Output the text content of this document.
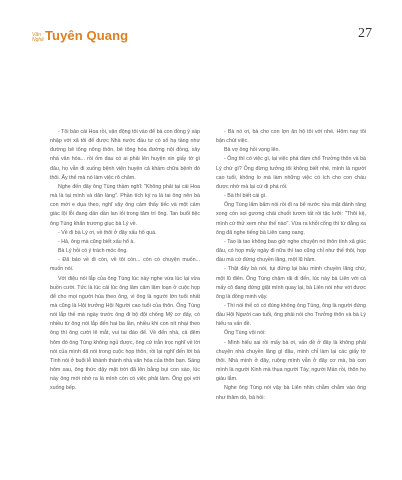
Văn
Nghệ Tuyên Quang	27

- Tôi bảo cái Hoa rồi, vận động tôi vào để bà con đồng ý sáp nhập với xã tôi để được Nhà nước đầu tư có số hạ tầng như đường bê tông nông thôn, bê tông hóa đường nội đồng, xây nhà văn hóa... rồi ốm đau có ai phải lên huyện xin giấy tờ gì đâu, họ vẫn đi xuống bệnh viện huyện cả khám chữa bệnh đó thôi. Ấy thế mà nó làm việc rõ chăm.

Nghe đến đây ông Tùng thầm nghĩ: "Không phải tại cái Hoa mà là tại mình và dân làng". Phần tích ký ra là tai ông nên bà con mới e dụa theo, nghĩ vậy ông cảm thấy tiếc và một cảm giác lội lỗi đang dần dần lan lỏi trong tâm trí ông. Tan buổi tiệc ông Tùng khẩn trương giục bà Lý về.

- Về đi bà Lý ơi, về thôi ở đây xấu hổ quá.

- Hả, ông mà cũng biết xấu hổ à.

Bà Lý hỏi có ý trách móc ông.

- Đã bảo về đi còn, về tôi còn... còn có chuyện muốn... muốn nói.

Với điệu nói lắp của ông Tùng lúc này nghe vừa lúc lại vừa buồn cười. Tức là lúc cái lúc ông lâm cảm lâm loạn ở cuộc họp để cho mọi người hùa theo ông, vì ông là người lớn tuổi nhất mà cũng là Hội trưởng Hội Người cao tuổi của thôn. Ông Tùng nói lắp thế mà ngày trước ông đi bộ đội chống Mỹ cơ đấy, có nhiều từ ông nói lắp đến hai ba lần, nhiều khi con nít nhại theo ông thì ông cười lẽ mắt, vui tai đáo để. Về đến nhà, cả đêm hôm đó ông Tùng không ngủ được, ông cứ trằn trọc nghĩ về lời nói của mình đã nói trong cuộc họp thôn, rồi lại nghĩ đến lời bà Tình nói ở buổi lễ khánh thành nhà văn hóa của thôn bạn. Sáng hôm sau, ông thức dậy mặt trời đã lên bằng bụi con sào, lúc này ông mới nhớ ra là mình còn có việc phải làm. Ông gọi với xuống bếp.

- Bà nó ơi, bà cho con lợn ăn hộ tôi với nhé. Hôm nay tôi bận chút việc.

Bà vợ ông hỏi vọng lên.

- Ông thì có việc gì, lại việc phá đám chổ Trưởng thôn và bà Lý chứ gì? Ông đừng tưởng tôi không biết nhé, mình là người cao tuổi, không lo mà làm những việc có ích cho con cháu được nhờ mà lại cứ đi phá rối.

- Bà thì biết cái gì.

Ông Tùng lẩm bẩm nói rồi đi ra bể nước rửa mặt đánh răng xong còn soi gương chải chuốt tươm tất rồi tặc lưỡi: "Thôi kệ, mình cứ thử xem như thế nào". Vừa ra khỏi cổng thì từ đằng xa ông đã nghe tiếng bà Liên cang oang.

- Tao là tao không bao giờ nghe chuyện nó thôn tính xã giúc đâu, có họp mấy ngày đi nữa thì tao cũng chỉ như thế thôi, họp đầu mà cứ đứng chuyền lăng, một lũ hâm.

- Thật đấy bà nói, tụi đứng lại bàu mình chuyền lăng chứ, một lũ điên. Ông Tùng chậm rãi đi đến, lúc này bà Liên với cả mấy cô đang đứng giặt mình quay lại, bà Liên nói như với được ông là đồng minh vậy.

- Thì nói thế có có đúng không ông Tùng, ông là người đứng đầu Hội Người cao tuổi, ông phải nói cho Trưởng thôn và bà Lý hiểu ra vấn đề.

Ông Tùng vội nói:

- Mình hiểu sai rồi mấy bà ơi, vấn đề ở đây là không phải chuyện nhà chuyền lăng gì đâu, mình chỉ làm lại các giấy tờ thôi. Nhà mình ở đây, ruộng mình vẫn ở đây cơ mà, bà con mình là người Kinh mà thụa người Tày, người Mán rồi, thôn họ giàu lắm.

Nghe ông Tùng nói vậy bà Liên nhìn chằm chằm vào ông như thăm dò, bà hỏi:
